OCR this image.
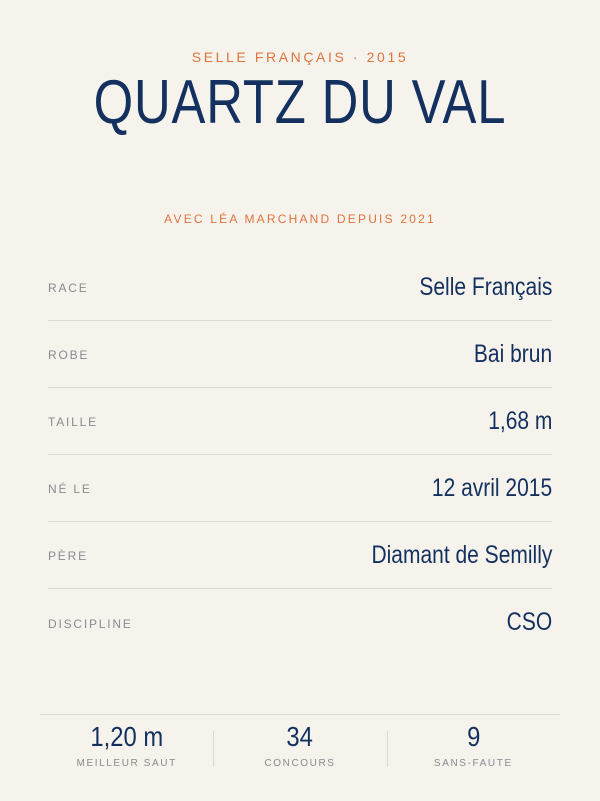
SELLE FRANÇAIS · 2015
QUARTZ DU VAL
AVEC LÉA MARCHAND DEPUIS 2021
RACE	Selle Français
ROBE	Bai brun
TAILLE	1,68 m
NÉ LE	12 avril 2015
PÈRE	Diamant de Semilly
DISCIPLINE	CSO
1,20 m
MEILLEUR SAUT
34
CONCOURS
9
SANS-FAUTE
